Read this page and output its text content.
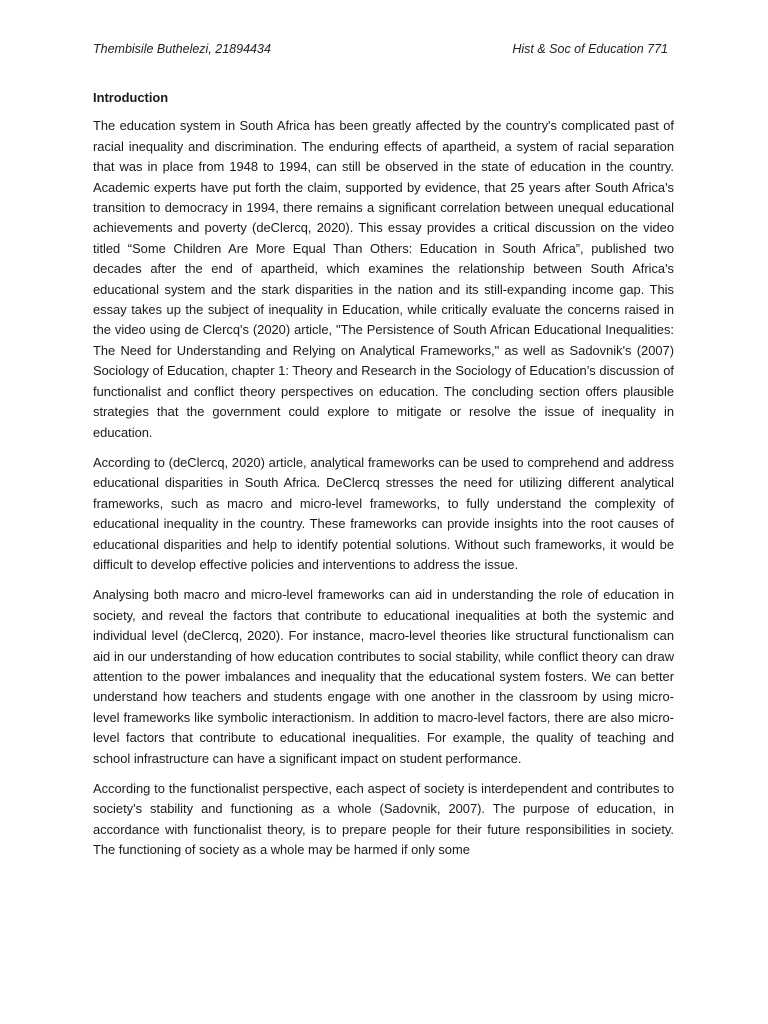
Thembisile Buthelezi, 21894434	Hist & Soc of Education 771
Introduction

The education system in South Africa has been greatly affected by the country's complicated past of racial inequality and discrimination. The enduring effects of apartheid, a system of racial separation that was in place from 1948 to 1994, can still be observed in the state of education in the country. Academic experts have put forth the claim, supported by evidence, that 25 years after South Africa's transition to democracy in 1994, there remains a significant correlation between unequal educational achievements and poverty (deClercq, 2020). This essay provides a critical discussion on the video titled “Some Children Are More Equal Than Others: Education in South Africa”, published two decades after the end of apartheid, which examines the relationship between South Africa's educational system and the stark disparities in the nation and its still-expanding income gap. This essay takes up the subject of inequality in Education, while critically evaluate the concerns raised in the video using de Clercq's (2020) article, "The Persistence of South African Educational Inequalities: The Need for Understanding and Relying on Analytical Frameworks," as well as Sadovnik's (2007) Sociology of Education, chapter 1: Theory and Research in the Sociology of Education’s discussion of functionalist and conflict theory perspectives on education. The concluding section offers plausible strategies that the government could explore to mitigate or resolve the issue of inequality in education.

According to (deClercq, 2020) article, analytical frameworks can be used to comprehend and address educational disparities in South Africa. DeClercq stresses the need for utilizing different analytical frameworks, such as macro and micro-level frameworks, to fully understand the complexity of educational inequality in the country. These frameworks can provide insights into the root causes of educational disparities and help to identify potential solutions. Without such frameworks, it would be difficult to develop effective policies and interventions to address the issue.

Analysing both macro and micro-level frameworks can aid in understanding the role of education in society, and reveal the factors that contribute to educational inequalities at both the systemic and individual level (deClercq, 2020). For instance, macro-level theories like structural functionalism can aid in our understanding of how education contributes to social stability, while conflict theory can draw attention to the power imbalances and inequality that the educational system fosters. We can better understand how teachers and students engage with one another in the classroom by using micro-level frameworks like symbolic interactionism. In addition to macro-level factors, there are also micro-level factors that contribute to educational inequalities. For example, the quality of teaching and school infrastructure can have a significant impact on student performance.

According to the functionalist perspective, each aspect of society is interdependent and contributes to society's stability and functioning as a whole (Sadovnik, 2007). The purpose of education, in accordance with functionalist theory, is to prepare people for their future responsibilities in society. The functioning of society as a whole may be harmed if only some
